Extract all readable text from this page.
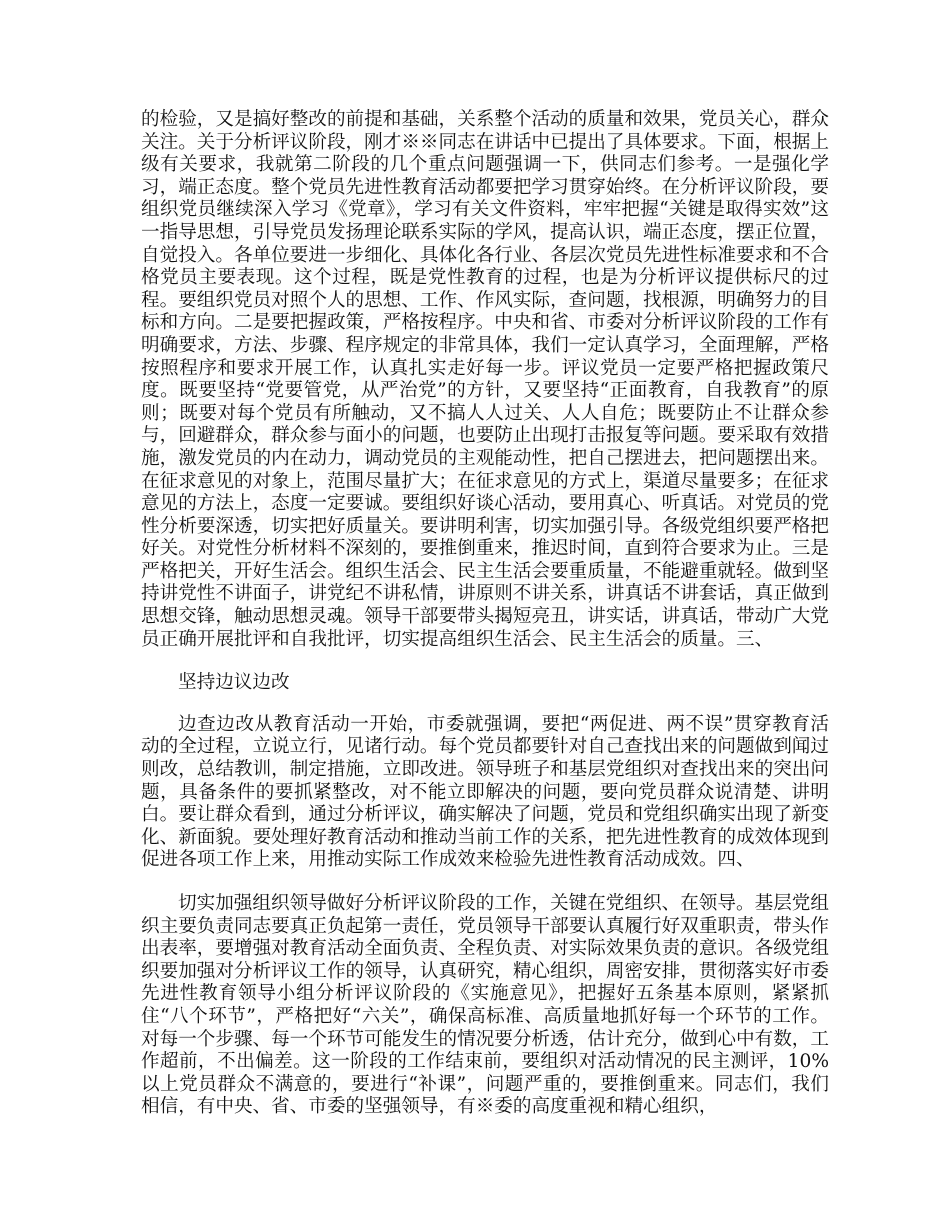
的检验，又是搞好整改的前提和基础，关系整个活动的质量和效果，党员关心，群众关注。关于分析评议阶段，刚才※※同志在讲话中已提出了具体要求。下面，根据上级有关要求，我就第二阶段的几个重点问题强调一下，供同志们参考。一是强化学习，端正态度。整个党员先进性教育活动都要把学习贯穿始终。在分析评议阶段，要组织党员继续深入学习《党章》，学习有关文件资料，牢牢把握“关键是取得实效”这一指导思想，引导党员发扬理论联系实际的学风，提高认识，端正态度，摆正位置，自觉投入。各单位要进一步细化、具体化各行业、各层次党员先进性标准要求和不合格党员主要表现。这个过程，既是党性教育的过程，也是为分析评议提供标尺的过程。要组织党员对照个人的思想、工作、作风实际，查问题，找根源，明确努力的目标和方向。二是要把握政策，严格按程序。中央和省、市委对分析评议阶段的工作有明确要求，方法、步骤、程序规定的非常具体，我们一定认真学习，全面理解，严格按照程序和要求开展工作，认真扎实走好每一步。评议党员一定要严格把握政策尺度。既要坚持“党要管党，从严治党”的方针，又要坚持“正面教育，自我教育”的原则；既要对每个党员有所触动，又不搞人人过关、人人自危；既要防止不让群众参与，回避群众，群众参与面小的问题，也要防止出现打击报复等问题。要采取有效措施，激发党员的内在动力，调动党员的主观能动性，把自己摆进去，把问题摆出来。在征求意见的对象上，范围尽量扩大；在征求意见的方式上，渠道尽量要多；在征求意见的方法上，态度一定要诚。要组织好谈心活动，要用真心、听真话。对党员的党性分析要深透，切实把好质量关。要讲明利害，切实加强引导。各级党组织要严格把好关。对党性分析材料不深刻的，要推倒重来，推迟时间，直到符合要求为止。三是严格把关，开好生活会。组织生活会、民主生活会要重质量，不能避重就轻。做到坚持讲党性不讲面子，讲党纪不讲私情，讲原则不讲关系，讲真话不讲套话，真正做到思想交锋，触动思想灵魂。领导干部要带头揭短亮丑，讲实话，讲真话，带动广大党员正确开展批评和自我批评，切实提高组织生活会、民主生活会的质量。三、

坚持边议边改

边查边改从教育活动一开始，市委就强调，要把“两促进、两不误”贯穿教育活动的全过程，立说立行，见诸行动。每个党员都要针对自己查找出来的问题做到闻过则改，总结教训，制定措施，立即改进。领导班子和基层党组织对查找出来的突出问题，具备条件的要抓紧整改，对不能立即解决的问题，要向党员群众说清楚、讲明白。要让群众看到，通过分析评议，确实解决了问题，党员和党组织确实出现了新变化、新面貌。要处理好教育活动和推动当前工作的关系，把先进性教育的成效体现到促进各项工作上来，用推动实际工作成效来检验先进性教育活动成效。四、

切实加强组织领导做好分析评议阶段的工作，关键在党组织、在领导。基层党组织主要负责同志要真正负起第一责任，党员领导干部要认真履行好双重职责，带头作出表率，要增强对教育活动全面负责、全程负责、对实际效果负责的意识。各级党组织要加强对分析评议工作的领导，认真研究，精心组织，周密安排，贯彻落实好市委先进性教育领导小组分析评议阶段的《实施意见》，把握好五条基本原则，紧紧抓住“八个环节”，严格把好“六关”，确保高标准、高质量地抓好每一个环节的工作。对每一个步骤、每一个环节可能发生的情况要分析透，估计充分，做到心中有数，工作超前，不出偏差。这一阶段的工作结束前，要组织对活动情况的民主测评，10%以上党员群众不满意的，要进行“补课”，问题严重的，要推倒重来。同志们，我们相信，有中央、省、市委的坚强领导，有※委的高度重视和精心组织，
